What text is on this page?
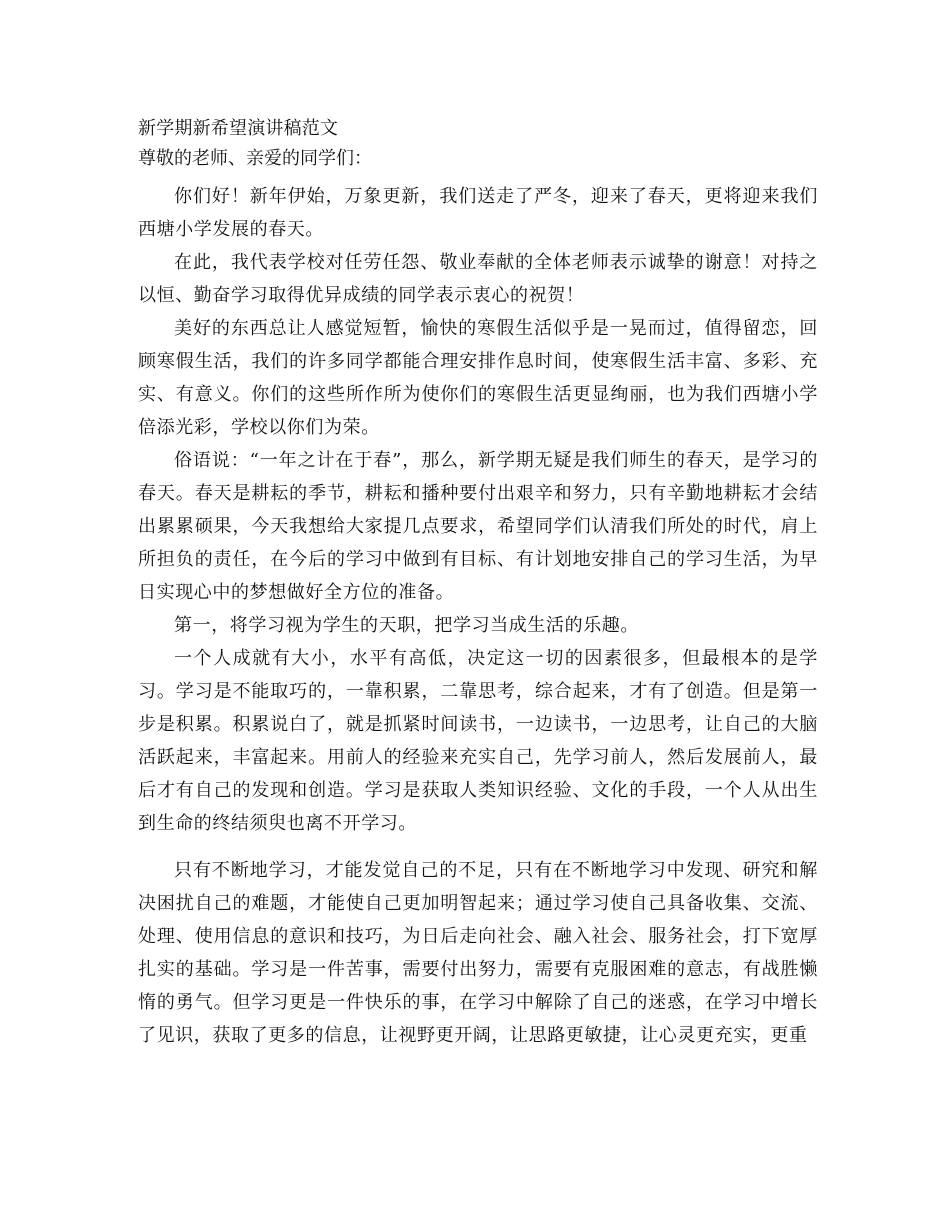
新学期新希望演讲稿范文

尊敬的老师、亲爱的同学们：

你们好！新年伊始，万象更新，我们送走了严冬，迎来了春天，更将迎来我们西塘小学发展的春天。

在此，我代表学校对任劳任怨、敬业奉献的全体老师表示诚挚的谢意！对持之以恒、勤奋学习取得优异成绩的同学表示衷心的祝贺！

美好的东西总让人感觉短暂，愉快的寒假生活似乎是一晃而过，值得留恋，回顾寒假生活，我们的许多同学都能合理安排作息时间，使寒假生活丰富、多彩、充实、有意义。你们的这些所作所为使你们的寒假生活更显绚丽，也为我们西塘小学倍添光彩，学校以你们为荣。

俗语说：“一年之计在于春”，那么，新学期无疑是我们师生的春天，是学习的春天。春天是耕耘的季节，耕耘和播种要付出艰辛和努力，只有辛勤地耕耘才会结出累累硕果，今天我想给大家提几点要求，希望同学们认清我们所处的时代，肩上所担负的责任，在今后的学习中做到有目标、有计划地安排自己的学习生活，为早日实现心中的梦想做好全方位的准备。

第一，将学习视为学生的天职，把学习当成生活的乐趣。

一个人成就有大小，水平有高低，决定这一切的因素很多，但最根本的是学习。学习是不能取巧的，一靠积累，二靠思考，综合起来，才有了创造。但是第一步是积累。积累说白了，就是抓紧时间读书，一边读书，一边思考，让自己的大脑活跃起来，丰富起来。用前人的经验来充实自己，先学习前人，然后发展前人，最后才有自己的发现和创造。学习是获取人类知识经验、文化的手段，一个人从出生到生命的终结须臾也离不开学习。

只有不断地学习，才能发觉自己的不足，只有在不断地学习中发现、研究和解决困扰自己的难题，才能使自己更加明智起来；通过学习使自己具备收集、交流、处理、使用信息的意识和技巧，为日后走向社会、融入社会、服务社会，打下宽厚扎实的基础。学习是一件苦事，需要付出努力，需要有克服困难的意志，有战胜懒惰的勇气。但学习更是一件快乐的事，在学习中解除了自己的迷惑，在学习中增长了见识，获取了更多的信息，让视野更开阔，让思路更敏捷，让心灵更充实，更重
